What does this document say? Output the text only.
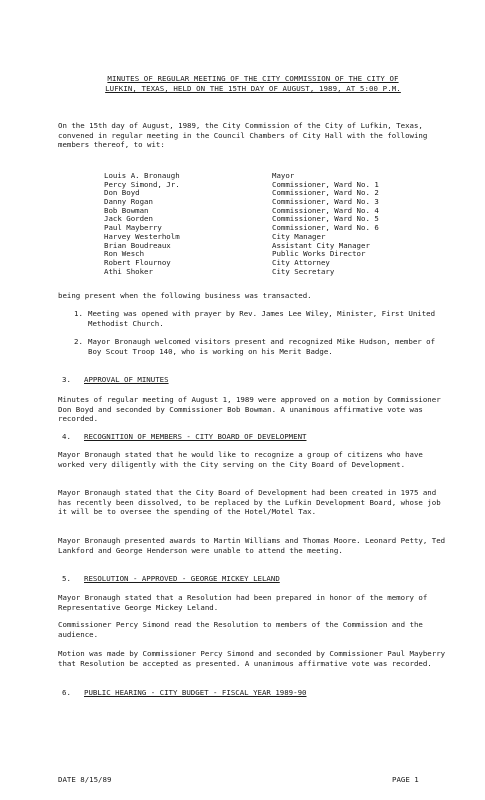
MINUTES OF REGULAR MEETING OF THE CITY COMMISSION OF THE CITY OF
LUFKIN, TEXAS, HELD ON THE 15TH DAY OF AUGUST, 1989, AT 5:00 P.M.
On the 15th day of August, 1989, the City Commission of the City of Lufkin, Texas, convened in regular meeting in the Council Chambers of City Hall with the following members thereof, to wit:
Louis A. Bronaugh	Mayor
Percy Simond, Jr.	Commissioner, Ward No. 1
Don Boyd	Commissioner, Ward No. 2
Danny Rogan	Commissioner, Ward No. 3
Bob Bowman	Commissioner, Ward No. 4
Jack Gorden	Commissioner, Ward No. 5
Paul Mayberry	Commissioner, Ward No. 6
Harvey Westerholm	City Manager
Brian Boudreaux	Assistant City Manager
Ron Wesch	Public Works Director
Robert Flournoy	City Attorney
Athi Shoker	City Secretary
being present when the following business was transacted.
1. Meeting was opened with prayer by Rev. James Lee Wiley, Minister, First United Methodist Church.
2. Mayor Bronaugh welcomed visitors present and recognized Mike Hudson, member of Boy Scout Troop 140, who is working on his Merit Badge.
3. APPROVAL OF MINUTES
Minutes of regular meeting of August 1, 1989 were approved on a motion by Commissioner Don Boyd and seconded by Commissioner Bob Bowman. A unanimous affirmative vote was recorded.
4. RECOGNITION OF MEMBERS - CITY BOARD OF DEVELOPMENT
Mayor Bronaugh stated that he would like to recognize a group of citizens who have worked very diligently with the City serving on the City Board of Development.
Mayor Bronaugh stated that the City Board of Development had been created in 1975 and has recently been dissolved, to be replaced by the Lufkin Development Board, whose job it will be to oversee the spending of the Hotel/Motel Tax.
Mayor Bronaugh presented awards to Martin Williams and Thomas Moore. Leonard Petty, Ted Lankford and George Henderson were unable to attend the meeting.
5. RESOLUTION - APPROVED - GEORGE MICKEY LELAND
Mayor Bronaugh stated that a Resolution had been prepared in honor of the memory of Representative George Mickey Leland.
Commissioner Percy Simond read the Resolution to members of the Commission and the audience.
Motion was made by Commissioner Percy Simond and seconded by Commissioner Paul Mayberry that Resolution be accepted as presented. A unanimous affirmative vote was recorded.
6. PUBLIC HEARING - CITY BUDGET - FISCAL YEAR 1989-90
DATE 8/15/89	PAGE 1
